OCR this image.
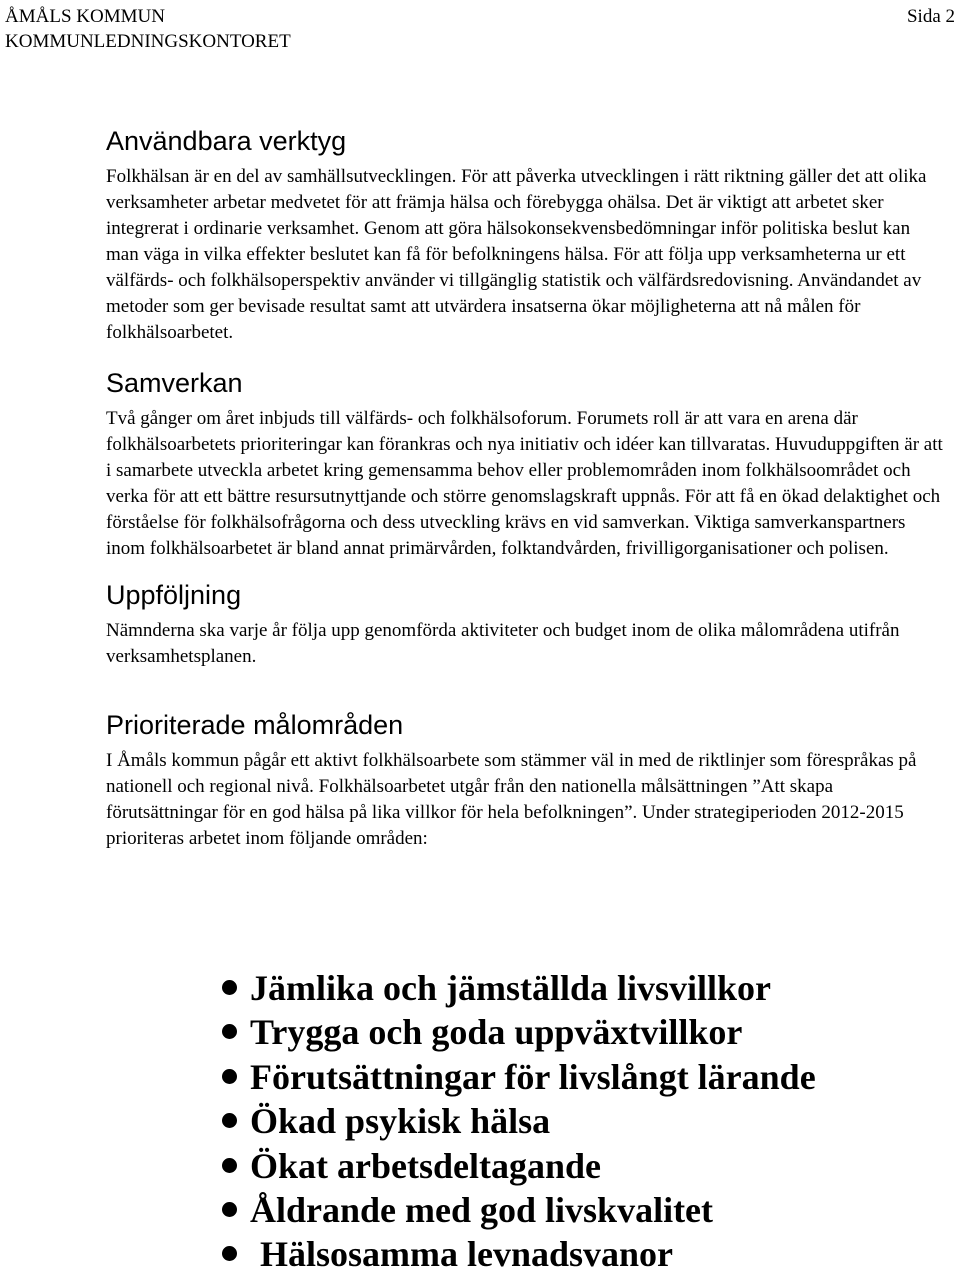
ÅMÅLS KOMMUN
KOMMUNLEDNINGSKONTORET
Sida 2
Användbara verktyg

Folkhälsan är en del av samhällsutvecklingen. För att påverka utvecklingen i rätt riktning gäller det att olika verksamheter arbetar medvetet för att främja hälsa och förebygga ohälsa. Det är viktigt att arbetet sker integrerat i ordinarie verksamhet. Genom att göra hälsokonsekvensbedömningar inför politiska beslut kan man väga in vilka effekter beslutet kan få för befolkningens hälsa. För att följa upp verksamheterna ur ett välfärds- och folkhälsoperspektiv använder vi tillgänglig statistik och välfärdsredovisning. Användandet av metoder som ger bevisade resultat samt att utvärdera insatserna ökar möjligheterna att nå målen för folkhälsoarbetet.

Samverkan

Två gånger om året inbjuds till välfärds- och folkhälsoforum. Forumets roll är att vara en arena där folkhälsoarbetets prioriteringar kan förankras och nya initiativ och idéer kan tillvaratas. Huvuduppgiften är att i samarbete utveckla arbetet kring gemensamma behov eller problemområden inom folkhälsoområdet och verka för att ett bättre resursutnyttjande och större genomslagskraft uppnås. För att få en ökad delaktighet och förståelse för folkhälsofrågorna och dess utveckling krävs en vid samverkan. Viktiga samverkanspartners inom folkhälsoarbetet är bland annat primärvården, folktandvården, frivilligorganisationer och polisen.

Uppföljning

Nämnderna ska varje år följa upp genomförda aktiviteter och budget inom de olika målområdena utifrån verksamhetsplanen.

Prioriterade målområden

I Åmåls kommun pågår ett aktivt folkhälsoarbete som stämmer väl in med de riktlinjer som förespråkas på nationell och regional nivå. Folkhälsoarbetet utgår från den nationella målsättningen ”Att skapa förutsättningar för en god hälsa på lika villkor för hela befolkningen”. Under strategiperioden 2012-2015 prioriteras arbetet inom följande områden:

Jämlika och jämställda livsvillkor
Trygga och goda uppväxtvillkor
Förutsättningar för livslångt lärande
Ökad psykisk hälsa
Ökat arbetsdeltagande
Åldrande med god livskvalitet
Hälsosamma levnadsvanor
